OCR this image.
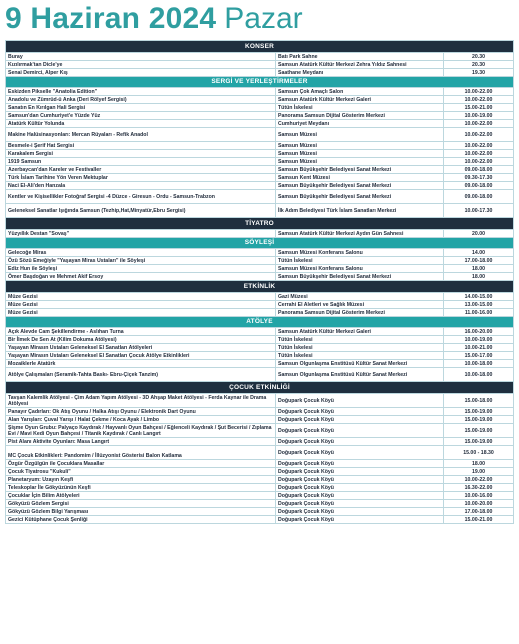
9 Haziran 2024 Pazar
KONSER		
Buray	Batı Park Sahne	20.30
Kızılırmak'tan Dicle'ye	Samsun Atatürk Kültür Merkezi Zehra Yıldız Sahnesi	20.30
Senai Demirci, Alper Kış	Saathane Meydanı	19.30
SERGİ VE YERLEŞTİRMELER		
Eskizden Pikselle "Anatolia Edition"	Samsun Çok Amaçlı Salon	10.00-22.00
Anadolu ve Zümrüd-ü Anka (Deri Rölyef Sergisi)	Samsun Atatürk Kültür Merkezi Galeri	10.00-22.00
Sanatın En Kırılgan Hali Sergisi	Tütün İskelesi	15.00-21.00
Samsun'dan Cumhuriyet'e Yüzde Yüz	Panorama Samsun Dijital Gösterim Merkezi	10.00-19.00
Atatürk Kültür Yolunda	Cumhuriyet Meydanı	10.00-22.00
Makine Halüsinasyonları: Mercan Rüyaları - Refik Anadol	Samsun Müzesi	10.00-22.00
Besmele-i Şerif Hat Sergisi	Samsun Müzesi	10.00-22.00
Karakalem Sergisi	Samsun Müzesi	10.00-22.00
1919 Samsun	Samsun Müzesi	10.00-22.00
Azerbaycan'dan Kareler ve Festivaller	Samsun Büyükşehir Belediyesi Sanat Merkezi	09.00-18.00
Türk İslam Tarihine Yön Veren Mektuplar	Samsun Kent Müzesi	09.30-17.30
Naci El-Ali'den Hanzala	Samsun Büyükşehir Belediyesi Sanat Merkezi	09.00-18.00
Kentler ve Kişisellikler Fotoğraf Sergisi -4 Düzce - Giresun - Ordu - Samsun-Trabzon	Samsun Büyükşehir Belediyesi Sanat Merkezi	09.00-18.00
Geleneksel Sanatlar Işığında Samsun (Tezhip,Hat,Minyatür,Ebru Sergisi)	İlk Adım Belediyesi Türk İslam Sanatları Merkezi	10.00-17.30
TİYATRO		
Yüzyıllık Destan "Sovaş"	Samsun Atatürk Kültür Merkezi Aydın Gün Sahnesi	20.00
SÖYLEŞİ		
Gelecoğe Miras	Samsun Müzesi Konferans Salonu	14.00
Özü Sözü Emeğiyle "Yaşayan Miras Ustaları" ile Söyleşi	Tütün İskelesi	17.00-18.00
Ediz Hun ile Söyleşi	Samsun Müzesi Konferans Salonu	18.00
Ömer Başdoğan ve Mehmet Akif Ersoy	Samsun Büyükşehir Belediyesi Sanat Merkezi	18.00
ETKİNLİK		
Müze Gezisi	Gazi Müzesi	14.00-15.00
Müze Gezisi	Cerrahi El Aletleri ve Sağlık Müzesi	13.00-15.00
Müze Gezisi	Panorama Samsun Dijital Gösterim Merkezi	11.00-16.00
ATÖLYE		
Açık Alevde Cam Şekillendirme - Aslıhan Turna	Samsun Atatürk Kültür Merkezi Galeri	16.00-20.00
Bir İlmek De Sen At (Kilim Dokuma Atölyesi)	Tütün İskelesi	10.00-19.00
Yaşayan Mirasın Ustaları Geleneksel El Sanatları Atölyeleri	Tütün İskelesi	10.00-21.00
Yaşayan Mirasın Ustaları Geleneksel El Sanatları Çocuk Atölye Etkinlikleri	Tütün İskelesi	15.00-17.00
Mozaiklerle Atatürk	Samsun Olgunlaşma Enstitüsü Kültür Sanat Merkezi	10.00-18.00
Atölye Çalışmaları (Seramik-Tahta Baskı- Ebru-Çiçek Tanzim)	Samsun Olgunlaşma Enstitüsü Kültür Sanat Merkezi	10.00-18.00
ÇOCUK ETKİNLİĞİ		
Tavşan Kalemlik Atölyesi - Çim Adam Yapım Atölyesi - 3D Ahşap Maket Atölyesi - Ferda Kaynar ile Drama Atölyesi	Doğupark Çocuk Köyü	15.00-18.00
Panayır Çadırları: Ok Atış Oyunu / Halka Atışı Oyunu / Elektronik Dart Oyunu	Doğupark Çocuk Köyü	15.00-19.00
Alan Yarışları: Çuval Yarışı / Halat Çekme / Koca Ayak / Limbo	Doğupark Çocuk Köyü	15.00-19.00
Şişme Oyun Grubu: Palyaço Kaydırak / Hayvanlı Oyun Bahçesi / Eğlenceli Kaydırak / Şut Becerisi / Zıplama Evi / Mavi Kedi Oyun Bahçesi / Titanik Kaydırak / Canlı Langırt	Doğupark Çocuk Köyü	15.00-19.00
Pist Alanı Aktivite Oyunları: Masa Langırt	Doğupark Çocuk Köyü	15.00-19.00
MC Çocuk Etkinlikleri: Pandomim / İllüzyonist Gösterisi Balon Katlama	Doğupark Çocuk Köyü	15.00 - 18.30
Özgür Özgülgün ile Çocuklara Masallar	Doğupark Çocuk Köyü	18.00
Çocuk Tiyatrosu "Kukuli"	Doğupark Çocuk Köyü	19.00
Planetaryum: Uzayın Keşfi	Doğupark Çocuk Köyü	10.00-22.00
Teleskoplar İle Gökyüzünün Keşfi	Doğupark Çocuk Köyü	16.30-22.00
Çocuklar İçin Bilim Atölyeleri	Doğupark Çocuk Köyü	10.00-16.00
Gökyüzü Gözlem Sergisi	Doğupark Çocuk Köyü	10.00-20.00
Gökyüzü Gözlem Bilgi Yarışması	Doğupark Çocuk Köyü	17.00-18.00
Gezici Kütüphane Çocuk Şenliği	Doğupark Çocuk Köyü	15.00-21.00
